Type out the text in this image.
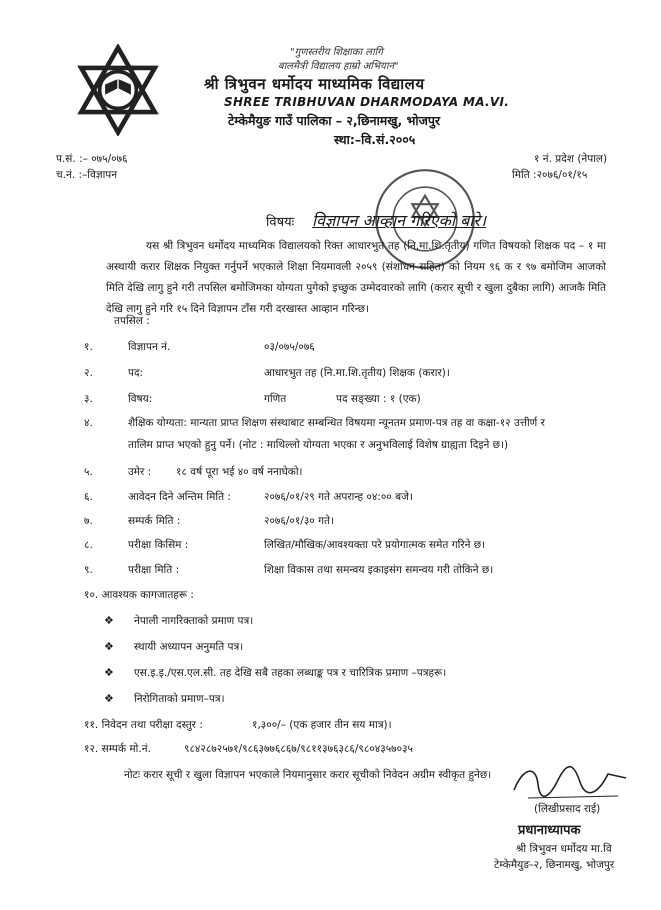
"गुणस्तरीय शिक्षाका लागि
बालमैत्री विद्यालय हाम्रो अभियान"
श्री त्रिभुवन धर्मोदय माध्यमिक विद्यालय
SHREE TRIBHUVAN DHARMODAYA MA.VI.
टेम्केमैयुङ गाउँ पालिका – २,छिनामखु, भोजपुर
स्था:–वि.सं.२००५
प.सं. :– ०७५/०७६
च.नं. :–विज्ञापन
१ नं. प्रदेश (नेपाल)
मिति :२०७६/०१/१५
विषयः विज्ञापन आव्हान गरिएको बारे।
यस श्री त्रिभुवन धर्मोदय माध्यमिक विद्यालयको रिक्त आधारभुत तह (नि.मा.शि.तृतीय) गणित विषयको शिक्षक पद – १ मा अस्थायी करार शिक्षक नियुक्त गर्नुपर्ने भएकाले शिक्षा नियमावली २०५९ (संशोधन सहित) को नियम ९६ क र ९७ बमोजिम आजको मिति देखि लागु हुने गरी तपसिल बमोजिमका योग्यता पुगेको इच्छुक उम्मेदवारको लागि (करार सूची र खुला दुबैका लागि) आजकै मिति देखि लागु हुने गरि १५ दिने विज्ञापन टाँस गरी दरखास्त आव्हान गरिन्छ।
तपसिल :
१.	विज्ञापन नं.	०३/०७५/०७६
२.	पद:	आधारभुत तह (नि.मा.शि.तृतीय) शिक्षक (करार)।
३.	विषय:	गणित	पद सङ्ख्या : १ (एक)
४.	शैक्षिक योग्यता: मान्यता प्राप्त शिक्षण संस्थाबाट सम्बन्धित विषयमा न्यूनतम प्रमाण-पत्र तह वा कक्षा-१२ उत्तीर्ण र
तालिम प्राप्त भएको हुनु पर्ने। (नोट : माथिल्लो योग्यता भएका र अनुभविलाई विशेष ग्राह्यता दिइने छ।)
५.	उमेर : १८ वर्ष पूरा भई ४० वर्ष ननाघेको।
६.	आवेदन दिने अन्तिम मिति :	२०७६/०१/२९ गते अपरान्ह ०४:०० बजे।
७.	सम्पर्क मिति :	२०७६/०१/३० गते।
८.	परीक्षा किसिम :	लिखित/मौखिक/आवश्यक्ता परे प्रयोगात्मक समेत गरिने छ।
९.	परीक्षा मिति :	शिक्षा विकास तथा समन्वय इकाइसंग समन्वय गरी तोकिने छ।
१०. आवश्यक कागजातहरू :
❖ नेपाली नागरिक्ताको प्रमाण पत्र।
❖ स्थायी अध्यापन अनुमति पत्र।
❖ एस.इ.इ./एस.एल.सी. तह देखि सबै तहका लब्धाङ्क पत्र र चारित्रिक प्रमाण –पत्रहरू।
❖ निरोगिताको प्रमाण–पत्र।
११. निवेदन तथा परीक्षा दस्तुर :	१,३००/– (एक हजार तीन सय मात्र)।
१२. सम्पर्क मो.नं.	९८४२८७२५७१/९८६३७७६८६७/९८११३७६३८६/९८०४३५७०३५
नोटः करार सूची र खुला विज्ञापन भएकाले नियमानुसार करार सूचीको निवेदन अग्रीम स्वीकृत हुनेछ।
(लिखीप्रसाद राई)
प्रधानाध्यापक
श्री त्रिभुवन धर्मोदय मा.वि
टेम्केमैयुङ-२, छिनामखु, भोजपुर
